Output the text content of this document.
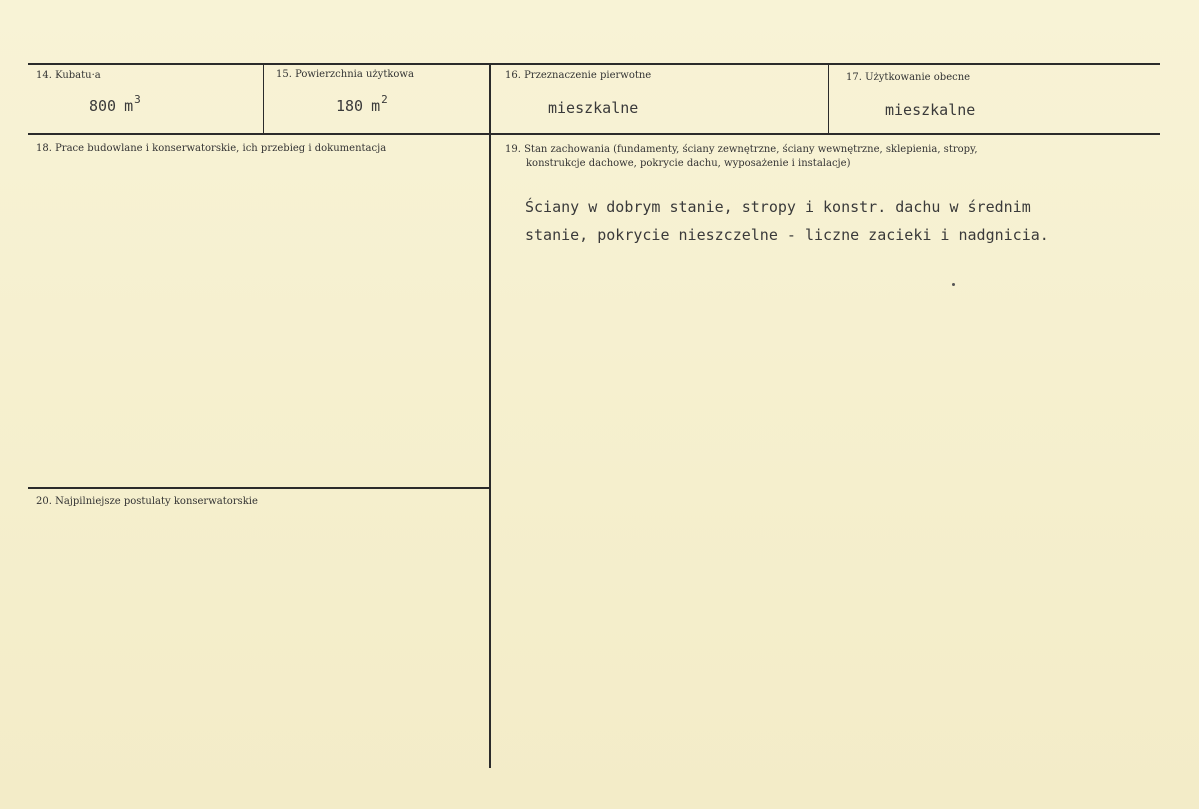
14. Kubatu·a
800 $m^3$
15. Powierzchnia użytkowa
180 $m^2$
16. Przeznaczenie pierwotne
mieszkalne
17. Użytkowanie obecne
mieszkalne
18. Prace budowlane i konserwatorskie, ich przebieg i dokumentacja	19. Stan zachowania (fundamenty, ściany zewnętrzne, ściany wewnętrzne, sklepienia, stropy,
konstrukcje dachowe, pokrycie dachu, wyposażenie i instalacje)
Ściany w dobrym stanie, stropy i konstr. dachu w średnim
stanie, pokrycie nieszczelne - liczne zacieki i nadgnicia.
20. Najpilniejsze postulaty konserwatorskie
